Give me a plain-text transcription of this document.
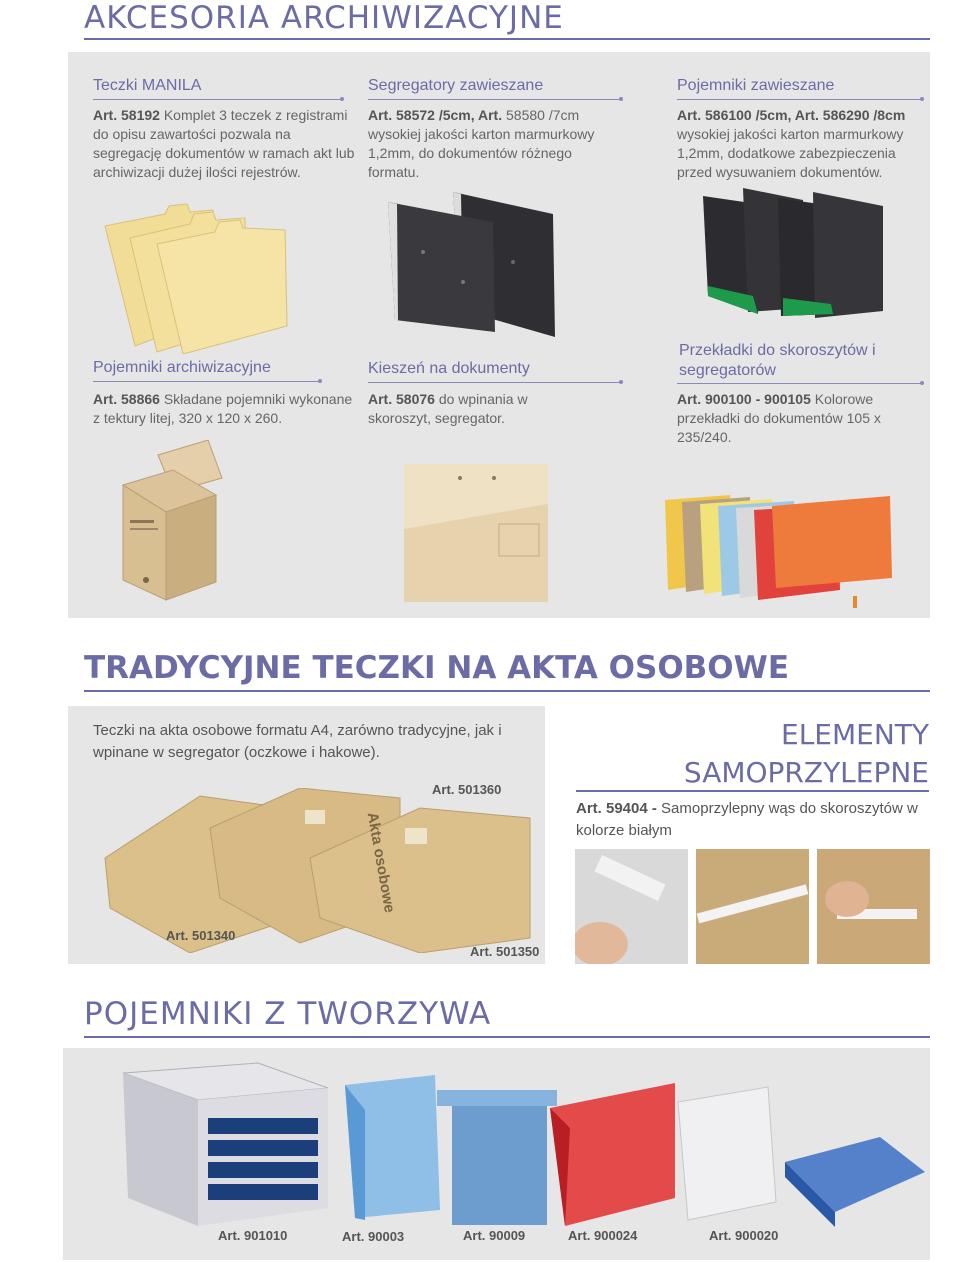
AKCESORIA ARCHIWIZACYJNE
Teczki MANILA
Art. 58192 Komplet 3 teczek z registrami do opisu zawartości pozwala na segregację dokumentów w ramach akt lub archiwizacji dużej ilości rejestrów.
Segregatory zawieszane
Art. 58572 /5cm, Art. 58580 /7cm wysokiej jakości karton marmurkowy 1,2mm, do dokumentów różnego formatu.
Pojemniki zawieszane
Art. 586100 /5cm, Art. 586290 /8cm wysokiej jakości karton marmurkowy 1,2mm, dodatkowe zabezpieczenia przed wysuwaniem dokumentów.
Pojemniki archiwizacyjne
Art. 58866 Składane pojemniki wykonane z tektury litej, 320 x 120 x 260.
Kieszeń na dokumenty
Art. 58076 do wpinania w skoroszyt, segregator.
Przekładki do skoroszytów i segregatorów
Art. 900100 - 900105 Kolorowe przekładki do dokumentów 105 x 235/240.
TRADYCYJNE TECZKI NA AKTA OSOBOWE
Teczki na akta osobowe formatu A4, zarówno tradycyjne, jak i wpinane w segregator (oczkowe i hakowe).
Akta osobowe
Art. 501360
Art. 501340
Art. 501350
ELEMENTY
SAMOPRZYLEPNE
Art. 59404 - Samoprzylepny wąs do skoroszytów w kolorze białym
POJEMNIKI Z TWORZYWA
Art. 901010	Art. 90003	Art. 90009	Art. 900024	Art. 900020
